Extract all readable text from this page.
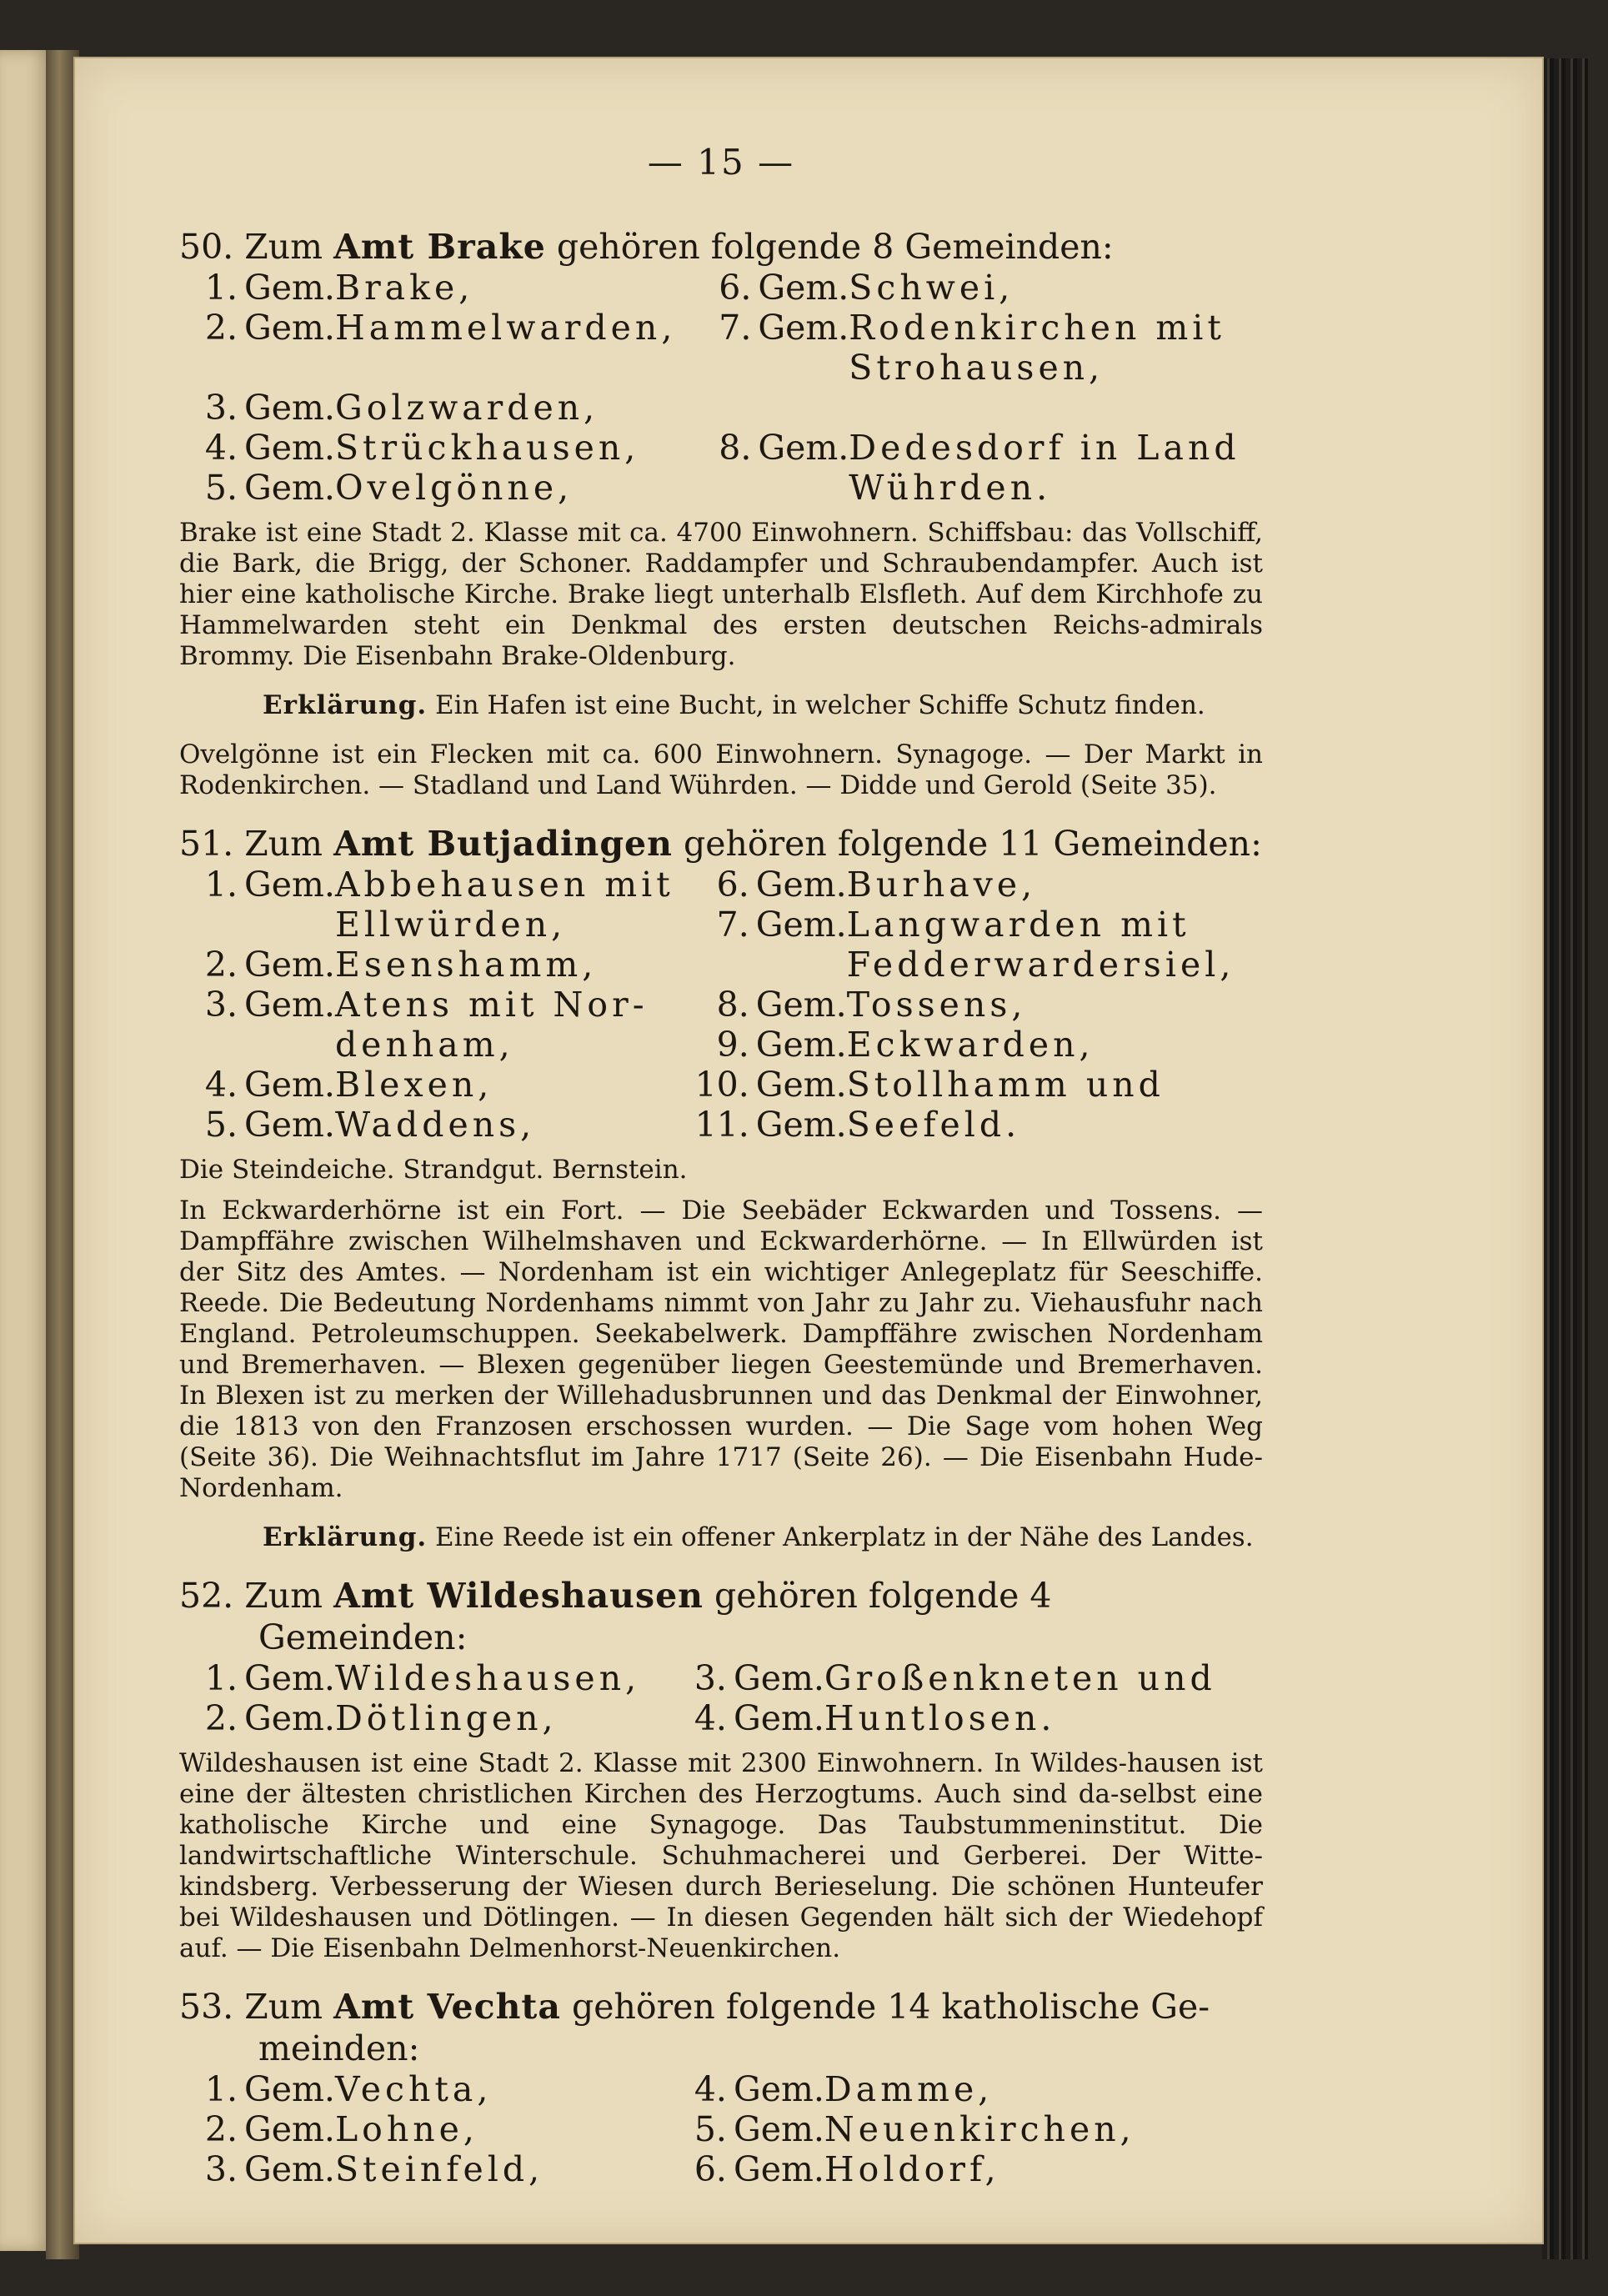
— 15 —

50. Zum Amt Brake gehören folgende 8 Gemeinden:

1.	Gem.	Brake,	6.	Gem.	Schwei,
2.	Gem.	Hammelwarden,	7.	Gem.	Rodenkirchen mit
					Strohausen,
3.	Gem.	Golzwarden,			
4.	Gem.	Strückhausen,	8.	Gem.	Dedesdorf in Land
5.	Gem.	Ovelgönne,			Wührden.

Brake ist eine Stadt 2. Klasse mit ca. 4700 Einwohnern. Schiffsbau: das Vollschiff, die Bark, die Brigg, der Schoner. Raddampfer und Schraubendampfer. Auch ist hier eine katholische Kirche. Brake liegt unterhalb Elsfleth. Auf dem Kirchhofe zu Hammelwarden steht ein Denkmal des ersten deutschen Reichs-admirals Brommy. Die Eisenbahn Brake-Oldenburg.

Erklärung. Ein Hafen ist eine Bucht, in welcher Schiffe Schutz finden.

Ovelgönne ist ein Flecken mit ca. 600 Einwohnern. Synagoge. — Der Markt in Rodenkirchen. — Stadland und Land Wührden. — Didde und Gerold (Seite 35).

51. Zum Amt Butjadingen gehören folgende 11 Gemeinden:

1.	Gem.	Abbehausen mit	6.	Gem.	Burhave,
		Ellwürden,	7.	Gem.	Langwarden mit
2.	Gem.	Esenshamm,			Fedderwardersiel,
3.	Gem.	Atens mit Nor-	8.	Gem.	Tossens,
		denham,	9.	Gem.	Eckwarden,
4.	Gem.	Blexen,	10.	Gem.	Stollhamm und
5.	Gem.	Waddens,	11.	Gem.	Seefeld.

Die Steindeiche. Strandgut. Bernstein.

In Eckwarderhörne ist ein Fort. — Die Seebäder Eckwarden und Tossens. — Dampffähre zwischen Wilhelmshaven und Eckwarderhörne. — In Ellwürden ist der Sitz des Amtes. — Nordenham ist ein wichtiger Anlegeplatz für Seeschiffe. Reede. Die Bedeutung Nordenhams nimmt von Jahr zu Jahr zu. Viehausfuhr nach England. Petroleumschuppen. Seekabelwerk. Dampffähre zwischen Nordenham und Bremerhaven. — Blexen gegenüber liegen Geestemünde und Bremerhaven. In Blexen ist zu merken der Willehadusbrunnen und das Denkmal der Einwohner, die 1813 von den Franzosen erschossen wurden. — Die Sage vom hohen Weg (Seite 36). Die Weihnachtsflut im Jahre 1717 (Seite 26). — Die Eisenbahn Hude-Nordenham.

Erklärung. Eine Reede ist ein offener Ankerplatz in der Nähe des Landes.

52. Zum Amt Wildeshausen gehören folgende 4 Gemeinden:

1.	Gem.	Wildeshausen,	3.	Gem.	Großenkneten und
2.	Gem.	Dötlingen,	4.	Gem.	Huntlosen.

Wildeshausen ist eine Stadt 2. Klasse mit 2300 Einwohnern. In Wildes-hausen ist eine der ältesten christlichen Kirchen des Herzogtums. Auch sind da-selbst eine katholische Kirche und eine Synagoge. Das Taubstummeninstitut. Die landwirtschaftliche Winterschule. Schuhmacherei und Gerberei. Der Witte-kindsberg. Verbesserung der Wiesen durch Berieselung. Die schönen Hunteufer bei Wildeshausen und Dötlingen. — In diesen Gegenden hält sich der Wiedehopf auf. — Die Eisenbahn Delmenhorst-Neuenkirchen.

53. Zum Amt Vechta gehören folgende 14 katholische Ge-meinden:

1.	Gem.	Vechta,	4.	Gem.	Damme,
2.	Gem.	Lohne,	5.	Gem.	Neuenkirchen,
3.	Gem.	Steinfeld,	6.	Gem.	Holdorf,
